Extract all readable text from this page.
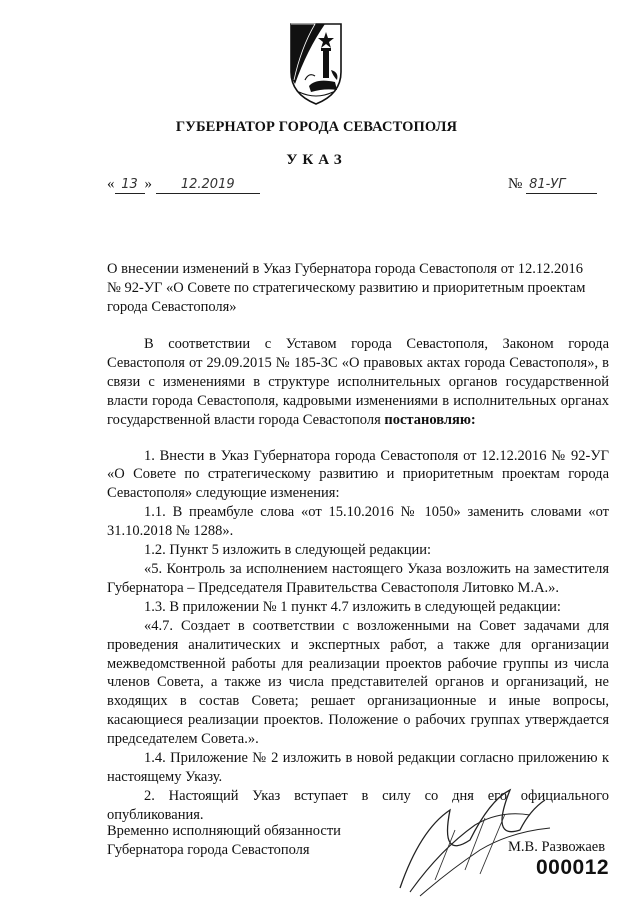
ГУБЕРНАТОР ГОРОДА СЕВАСТОПОЛЯ
УКАЗ
« 13 » 12.2019	№ 81-УГ
О внесении изменений в Указ Губернатора города Севастополя от 12.12.2016
№ 92-УГ «О Совете по стратегическому развитию и приоритетным проектам
города Севастополя»

В соответствии с Уставом города Севастополя, Законом города Севастополя от 29.09.2015 № 185-ЗС «О правовых актах города Севастополя», в связи с изменениями в структуре исполнительных органов государственной власти города Севастополя, кадровыми изменениями в исполнительных органах государственной власти города Севастополя постановляю:

1. Внести в Указ Губернатора города Севастополя от 12.12.2016 № 92-УГ «О Совете по стратегическому развитию и приоритетным проектам города Севастополя» следующие изменения:

1.1. В преамбуле слова «от 15.10.2016 № 1050» заменить словами «от 31.10.2018 № 1288».

1.2. Пункт 5 изложить в следующей редакции:

«5. Контроль за исполнением настоящего Указа возложить на заместителя Губернатора – Председателя Правительства Севастополя Литовко М.А.».

1.3. В приложении № 1 пункт 4.7 изложить в следующей редакции:

«4.7. Создает в соответствии с возложенными на Совет задачами для проведения аналитических и экспертных работ, а также для организации межведомственной работы для реализации проектов рабочие группы из числа членов Совета, а также из числа представителей органов и организаций, не входящих в состав Совета; решает организационные и иные вопросы, касающиеся реализации проектов. Положение о рабочих группах утверждается председателем Совета.».

1.4. Приложение № 2 изложить в новой редакции согласно приложению к настоящему Указу.

2. Настоящий Указ вступает в силу со дня его официального опубликования.

Временно исполняющий обязанности
Губернатора города Севастополя	М.В. Развожаев
000012
